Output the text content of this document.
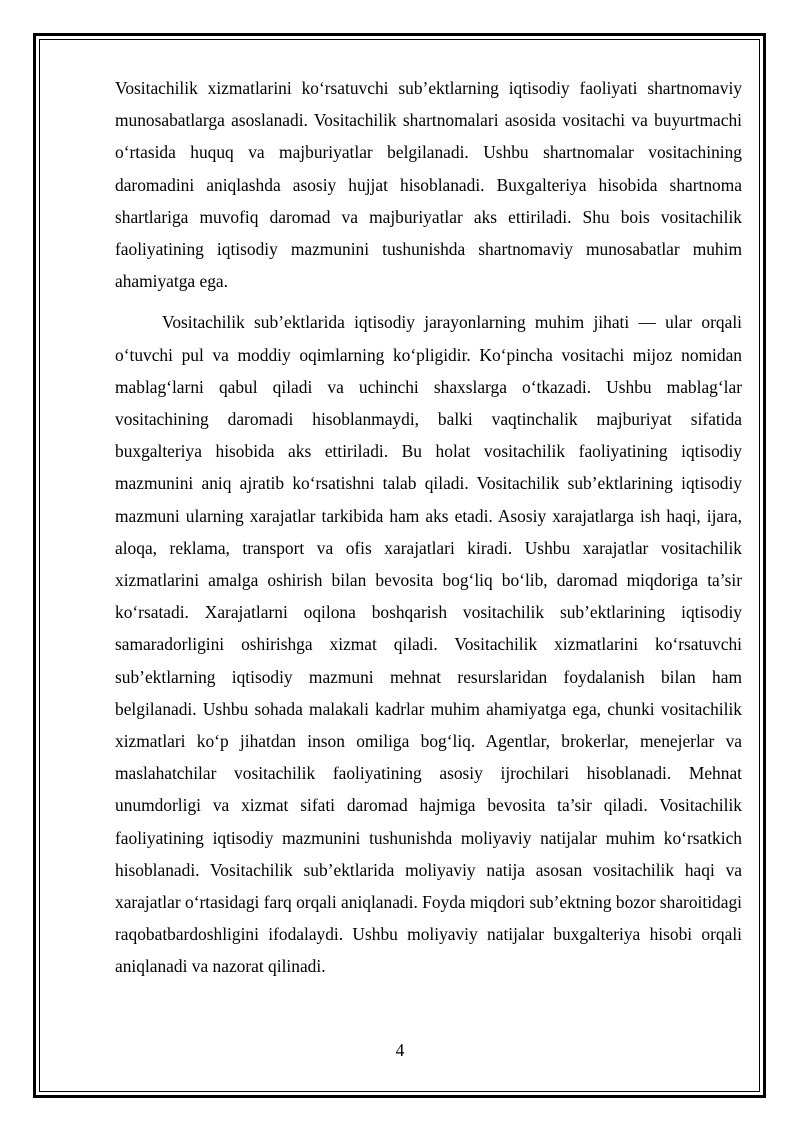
Vositachilik xizmatlarini ko‘rsatuvchi sub’ektlarning iqtisodiy faoliyati shartnomaviy munosabatlarga asoslanadi. Vositachilik shartnomalari asosida vositachi va buyurtmachi o‘rtasida huquq va majburiyatlar belgilanadi. Ushbu shartnomalar vositachining daromadini aniqlashda asosiy hujjat hisoblanadi. Buxgalteriya hisobida shartnoma shartlariga muvofiq daromad va majburiyatlar aks ettiriladi. Shu bois vositachilik faoliyatining iqtisodiy mazmunini tushunishda shartnomaviy munosabatlar muhim ahamiyatga ega.

Vositachilik sub’ektlarida iqtisodiy jarayonlarning muhim jihati — ular orqali o‘tuvchi pul va moddiy oqimlarning ko‘pligidir. Ko‘pincha vositachi mijoz nomidan mablag‘larni qabul qiladi va uchinchi shaxslarga o‘tkazadi. Ushbu mablag‘lar vositachining daromadi hisoblanmaydi, balki vaqtinchalik majburiyat sifatida buxgalteriya hisobida aks ettiriladi. Bu holat vositachilik faoliyatining iqtisodiy mazmunini aniq ajratib ko‘rsatishni talab qiladi. Vositachilik sub’ektlarining iqtisodiy mazmuni ularning xarajatlar tarkibida ham aks etadi. Asosiy xarajatlarga ish haqi, ijara, aloqa, reklama, transport va ofis xarajatlari kiradi. Ushbu xarajatlar vositachilik xizmatlarini amalga oshirish bilan bevosita bog‘liq bo‘lib, daromad miqdoriga ta’sir ko‘rsatadi. Xarajatlarni oqilona boshqarish vositachilik sub’ektlarining iqtisodiy samaradorligini oshirishga xizmat qiladi. Vositachilik xizmatlarini ko‘rsatuvchi sub’ektlarning iqtisodiy mazmuni mehnat resurslaridan foydalanish bilan ham belgilanadi. Ushbu sohada malakali kadrlar muhim ahamiyatga ega, chunki vositachilik xizmatlari ko‘p jihatdan inson omiliga bog‘liq. Agentlar, brokerlar, menejerlar va maslahatchilar vositachilik faoliyatining asosiy ijrochilari hisoblanadi. Mehnat unumdorligi va xizmat sifati daromad hajmiga bevosita ta’sir qiladi. Vositachilik faoliyatining iqtisodiy mazmunini tushunishda moliyaviy natijalar muhim ko‘rsatkich hisoblanadi. Vositachilik sub’ektlarida moliyaviy natija asosan vositachilik haqi va xarajatlar o‘rtasidagi farq orqali aniqlanadi. Foyda miqdori sub’ektning bozor sharoitidagi raqobatbardoshligini ifodalaydi. Ushbu moliyaviy natijalar buxgalteriya hisobi orqali aniqlanadi va nazorat qilinadi.

4
